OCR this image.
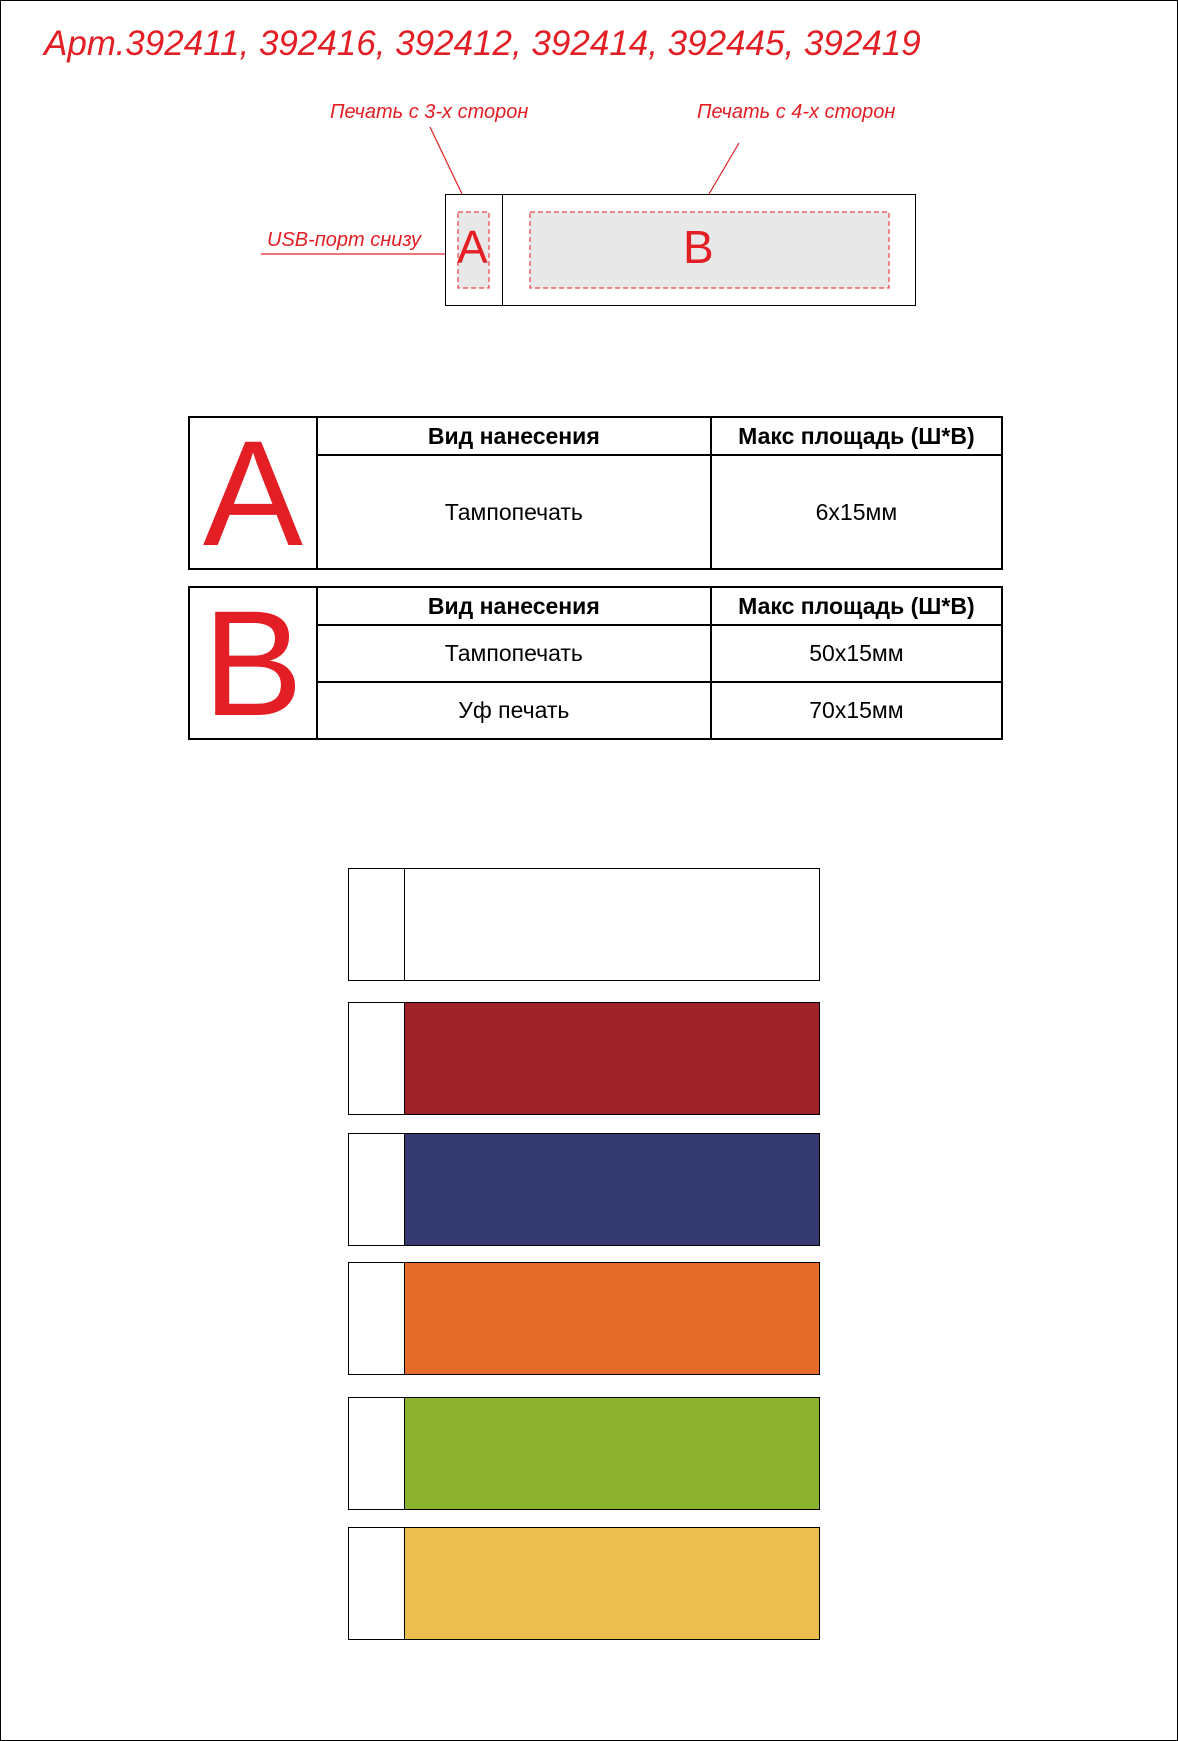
Арт.392411, 392416, 392412, 392414, 392445, 392419
Печать с 3-х сторон	Печать с 4-х сторон
USB-порт снизу A	B
A	Вид нанесения	Макс площадь (Ш*В)
	Тампопечать	6х15мм
B	Вид нанесения	Макс площадь (Ш*В)
	Тампопечать	50х15мм
	Уф печать	70х15мм
